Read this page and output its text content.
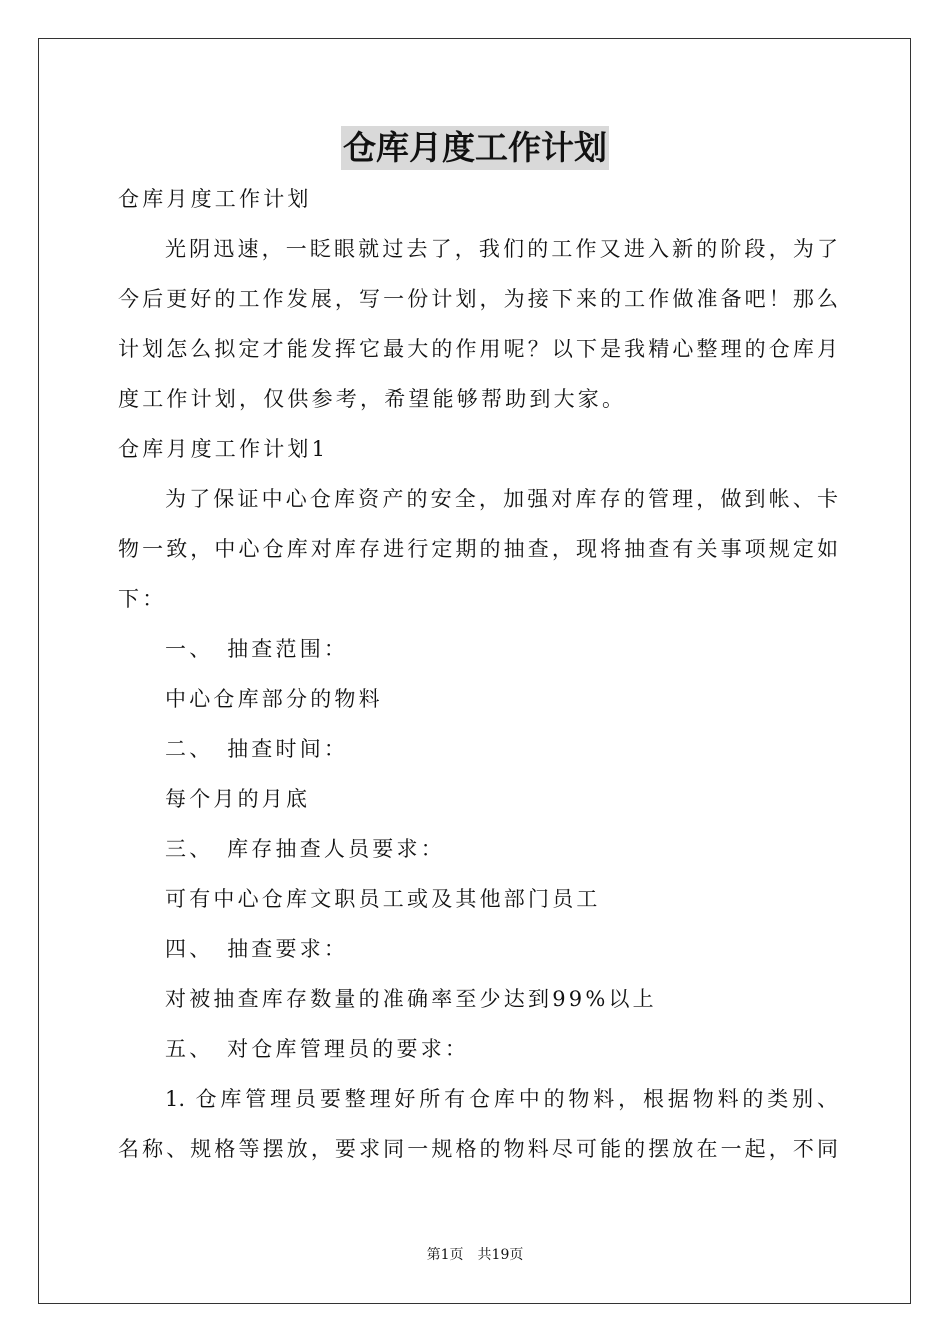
仓库月度工作计划
仓库月度工作计划
光阴迅速，一眨眼就过去了，我们的工作又进入新的阶段，为了
今后更好的工作发展，写一份计划，为接下来的工作做准备吧！那么
计划怎么拟定才能发挥它最大的作用呢？以下是我精心整理的仓库月
度工作计划，仅供参考，希望能够帮助到大家。
仓库月度工作计划1
为了保证中心仓库资产的安全，加强对库存的管理，做到帐、卡
物一致，中心仓库对库存进行定期的抽查，现将抽查有关事项规定如
下：
一、　抽查范围：
中心仓库部分的物料
二、　抽查时间：
每个月的月底
三、　库存抽查人员要求：
可有中心仓库文职员工或及其他部门员工
四、　抽查要求：
对被抽查库存数量的准确率至少达到99%以上
五、　对仓库管理员的要求：
1. 仓库管理员要整理好所有仓库中的物料，根据物料的类别、
名称、规格等摆放，要求同一规格的物料尽可能的摆放在一起，不同
第1页　共19页
